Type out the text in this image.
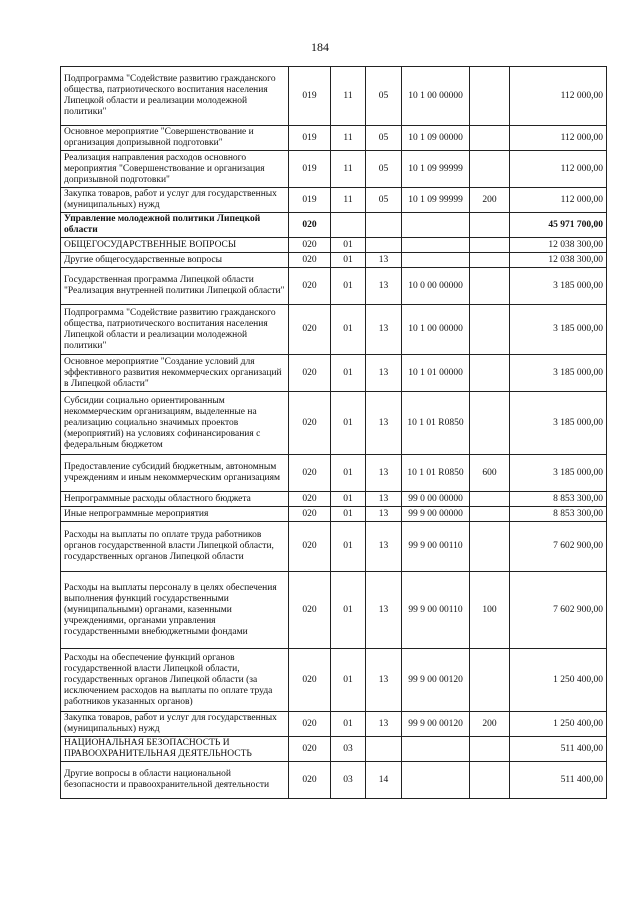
184
Подпрограмма "Содействие развитию гражданского общества, патриотического воспитания населения Липецкой области и реализации молодежной политики"	019	11	05	10 1 00 00000		112 000,00
Основное мероприятие "Совершенствование и организация допризывной подготовки"	019	11	05	10 1 09 00000		112 000,00
Реализация направления расходов основного мероприятия "Совершенствование и организация допризывной подготовки"	019	11	05	10 1 09 99999		112 000,00
Закупка товаров, работ и услуг для государственных (муниципальных) нужд	019	11	05	10 1 09 99999	200	112 000,00
Управление молодежной политики Липецкой области	020					45 971 700,00
ОБЩЕГОСУДАРСТВЕННЫЕ ВОПРОСЫ	020	01				12 038 300,00
Другие общегосударственные вопросы	020	01	13			12 038 300,00
Государственная программа Липецкой области "Реализация внутренней политики Липецкой области"	020	01	13	10 0 00 00000		3 185 000,00
Подпрограмма "Содействие развитию гражданского общества, патриотического воспитания населения Липецкой области и реализации молодежной политики"	020	01	13	10 1 00 00000		3 185 000,00
Основное мероприятие "Создание условий для эффективного развития некоммерческих организаций в Липецкой области"	020	01	13	10 1 01 00000		3 185 000,00
Субсидии социально ориентированным некоммерческим организациям, выделенные на реализацию социально значимых проектов (мероприятий) на условиях софинансирования с федеральным бюджетом	020	01	13	10 1 01 R0850		3 185 000,00
Предоставление субсидий бюджетным, автономным учреждениям и иным некоммерческим организациям	020	01	13	10 1 01 R0850	600	3 185 000,00
Непрограммные расходы областного бюджета	020	01	13	99 0 00 00000		8 853 300,00
Иные непрограммные мероприятия	020	01	13	99 9 00 00000		8 853 300,00
Расходы на выплаты по оплате труда работников органов государственной власти Липецкой области, государственных органов Липецкой области	020	01	13	99 9 00 00110		7 602 900,00
Расходы на выплаты персоналу в целях обеспечения выполнения функций государственными (муниципальными) органами, казенными учреждениями, органами управления государственными внебюджетными фондами	020	01	13	99 9 00 00110	100	7 602 900,00
Расходы на обеспечение функций органов государственной власти Липецкой области, государственных органов Липецкой области (за исключением расходов на выплаты по оплате труда работников указанных органов)	020	01	13	99 9 00 00120		1 250 400,00
Закупка товаров, работ и услуг для государственных (муниципальных) нужд	020	01	13	99 9 00 00120	200	1 250 400,00
НАЦИОНАЛЬНАЯ БЕЗОПАСНОСТЬ И ПРАВООХРАНИТЕЛЬНАЯ ДЕЯТЕЛЬНОСТЬ	020	03				511 400,00
Другие вопросы в области национальной безопасности и правоохранительной деятельности	020	03	14			511 400,00
